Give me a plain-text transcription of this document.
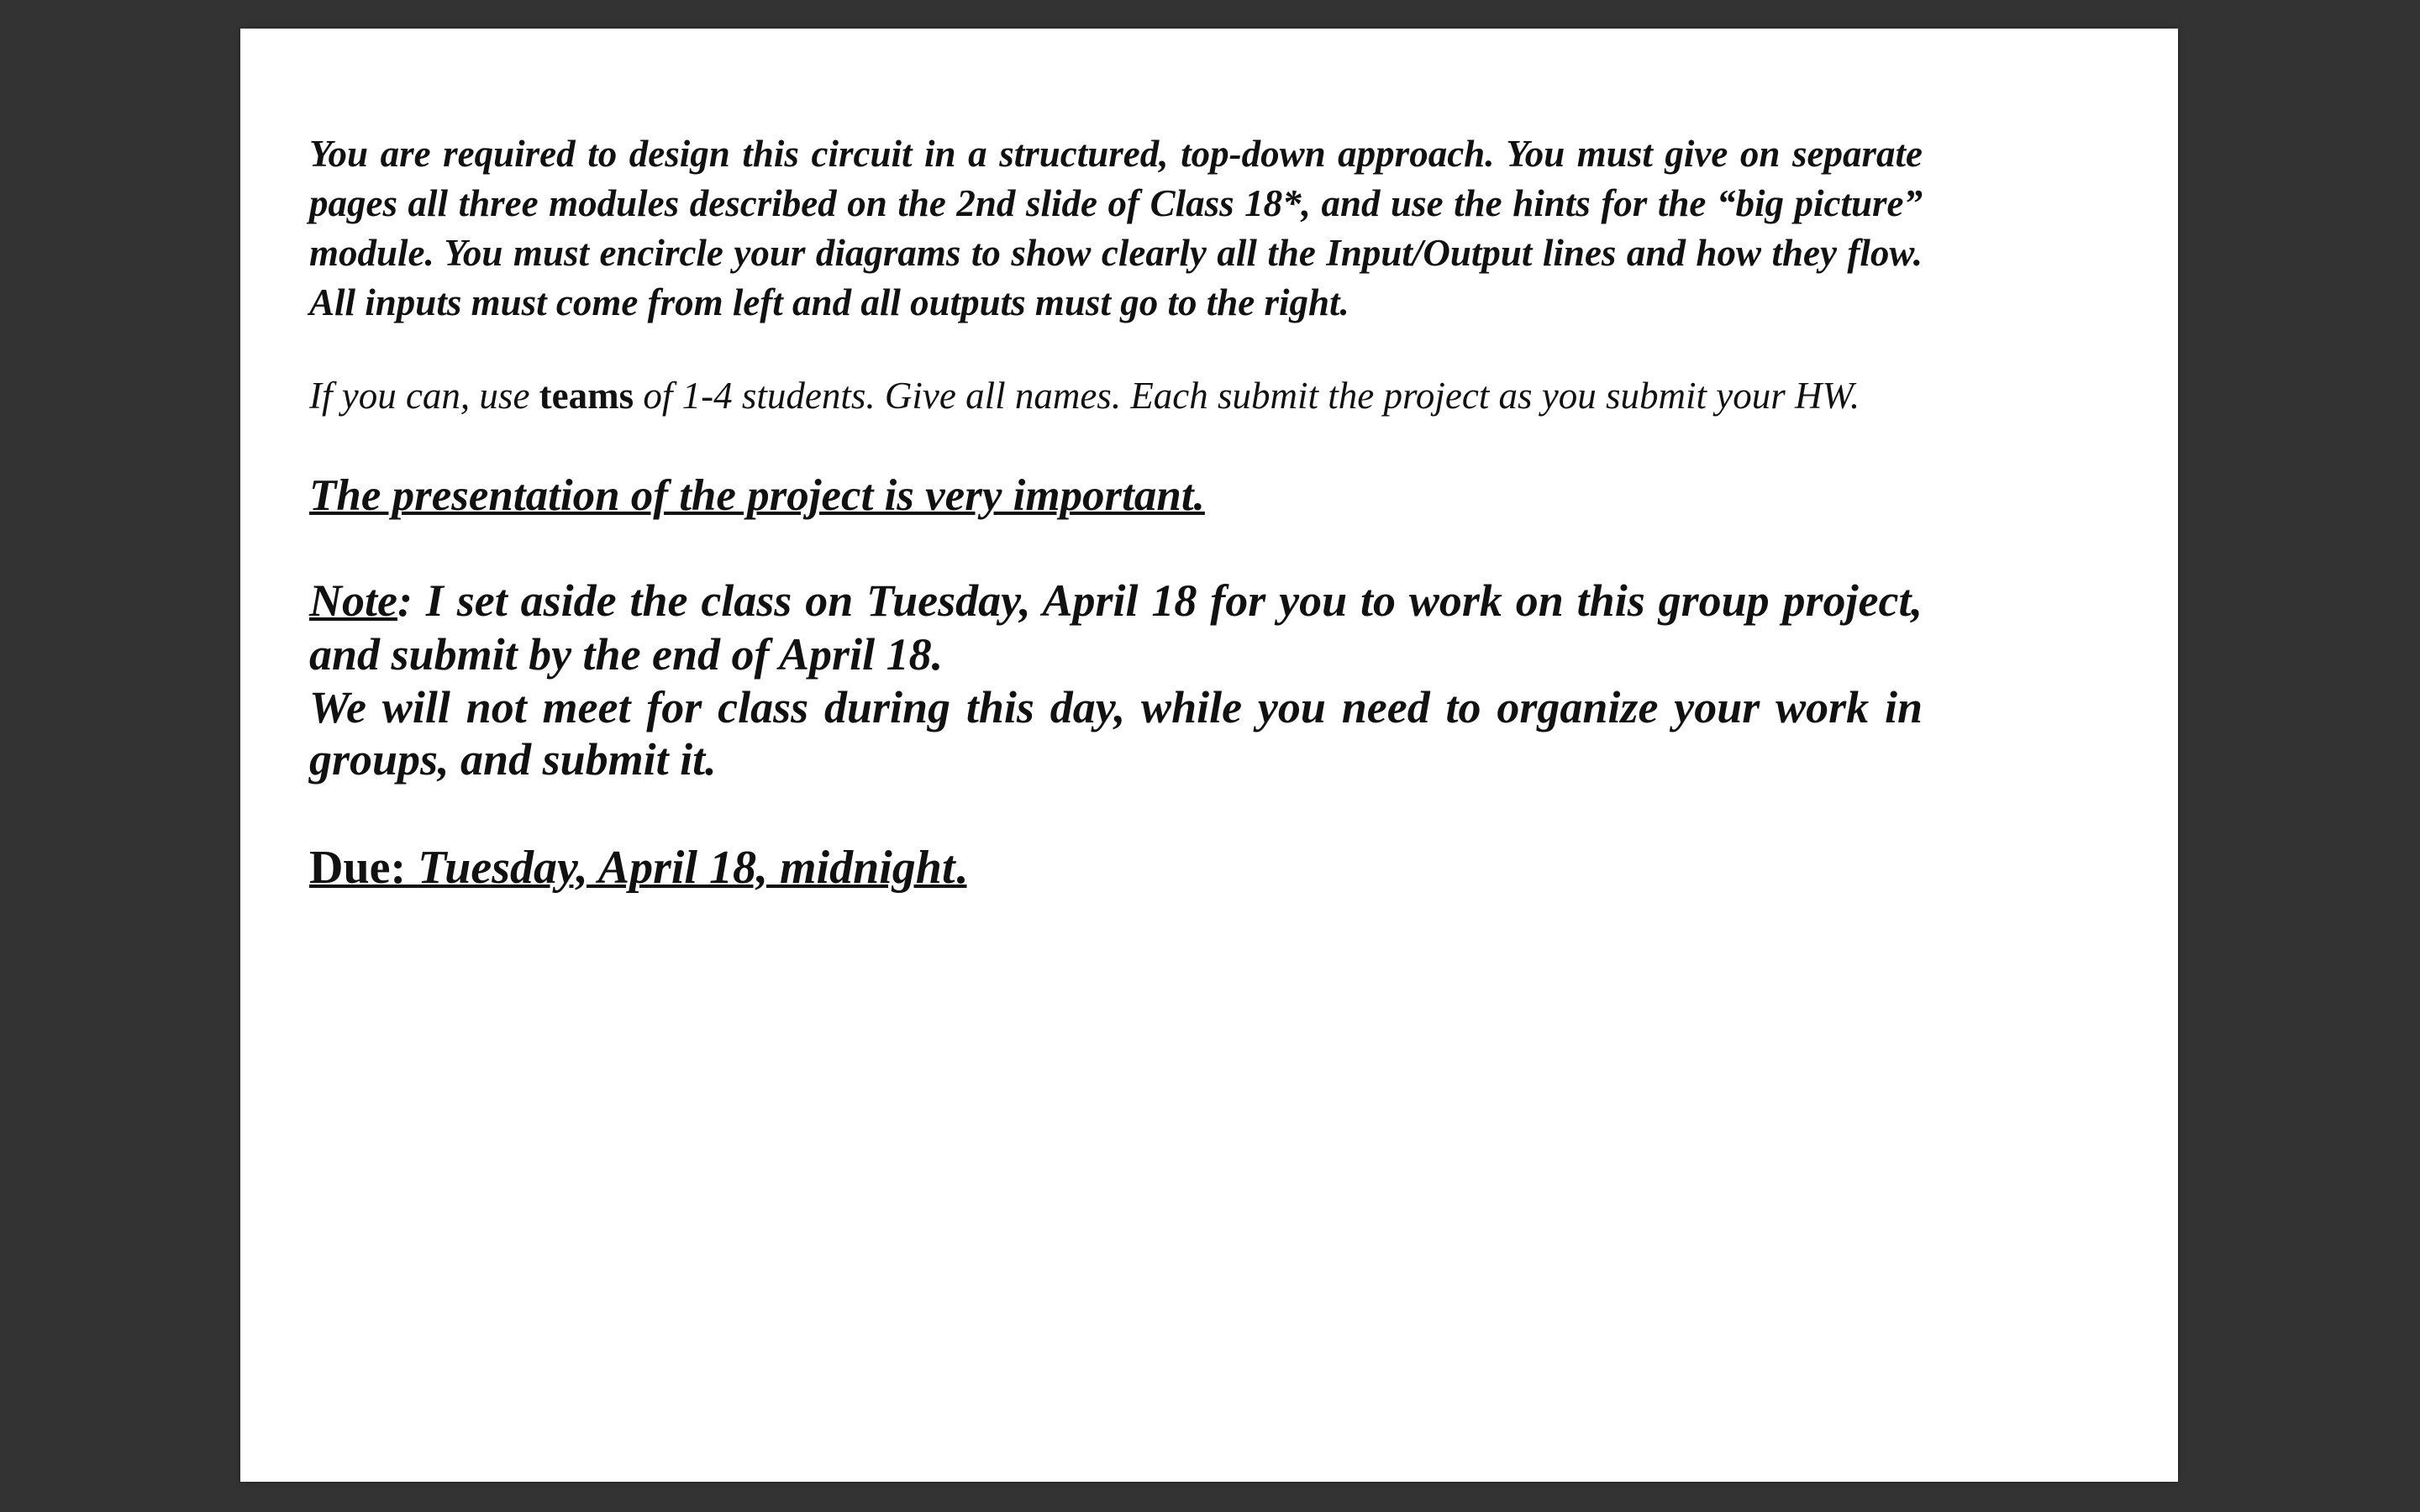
You are required to design this circuit in a structured, top-down approach. You must give on separate pages all three modules described on the 2nd slide of Class 18*, and use the hints for the “big picture” module. You must encircle your diagrams to show clearly all the Input/Output lines and how they flow. All inputs must come from left and all outputs must go to the right.

If you can, use teams of 1-4 students. Give all names. Each submit the project as you submit your HW.

The presentation of the project is very important.

Note: I set aside the class on Tuesday, April 18 for you to work on this group project, and submit by the end of April 18.

We will not meet for class during this day, while you need to organize your work in groups, and submit it.

Due: Tuesday, April 18, midnight.
